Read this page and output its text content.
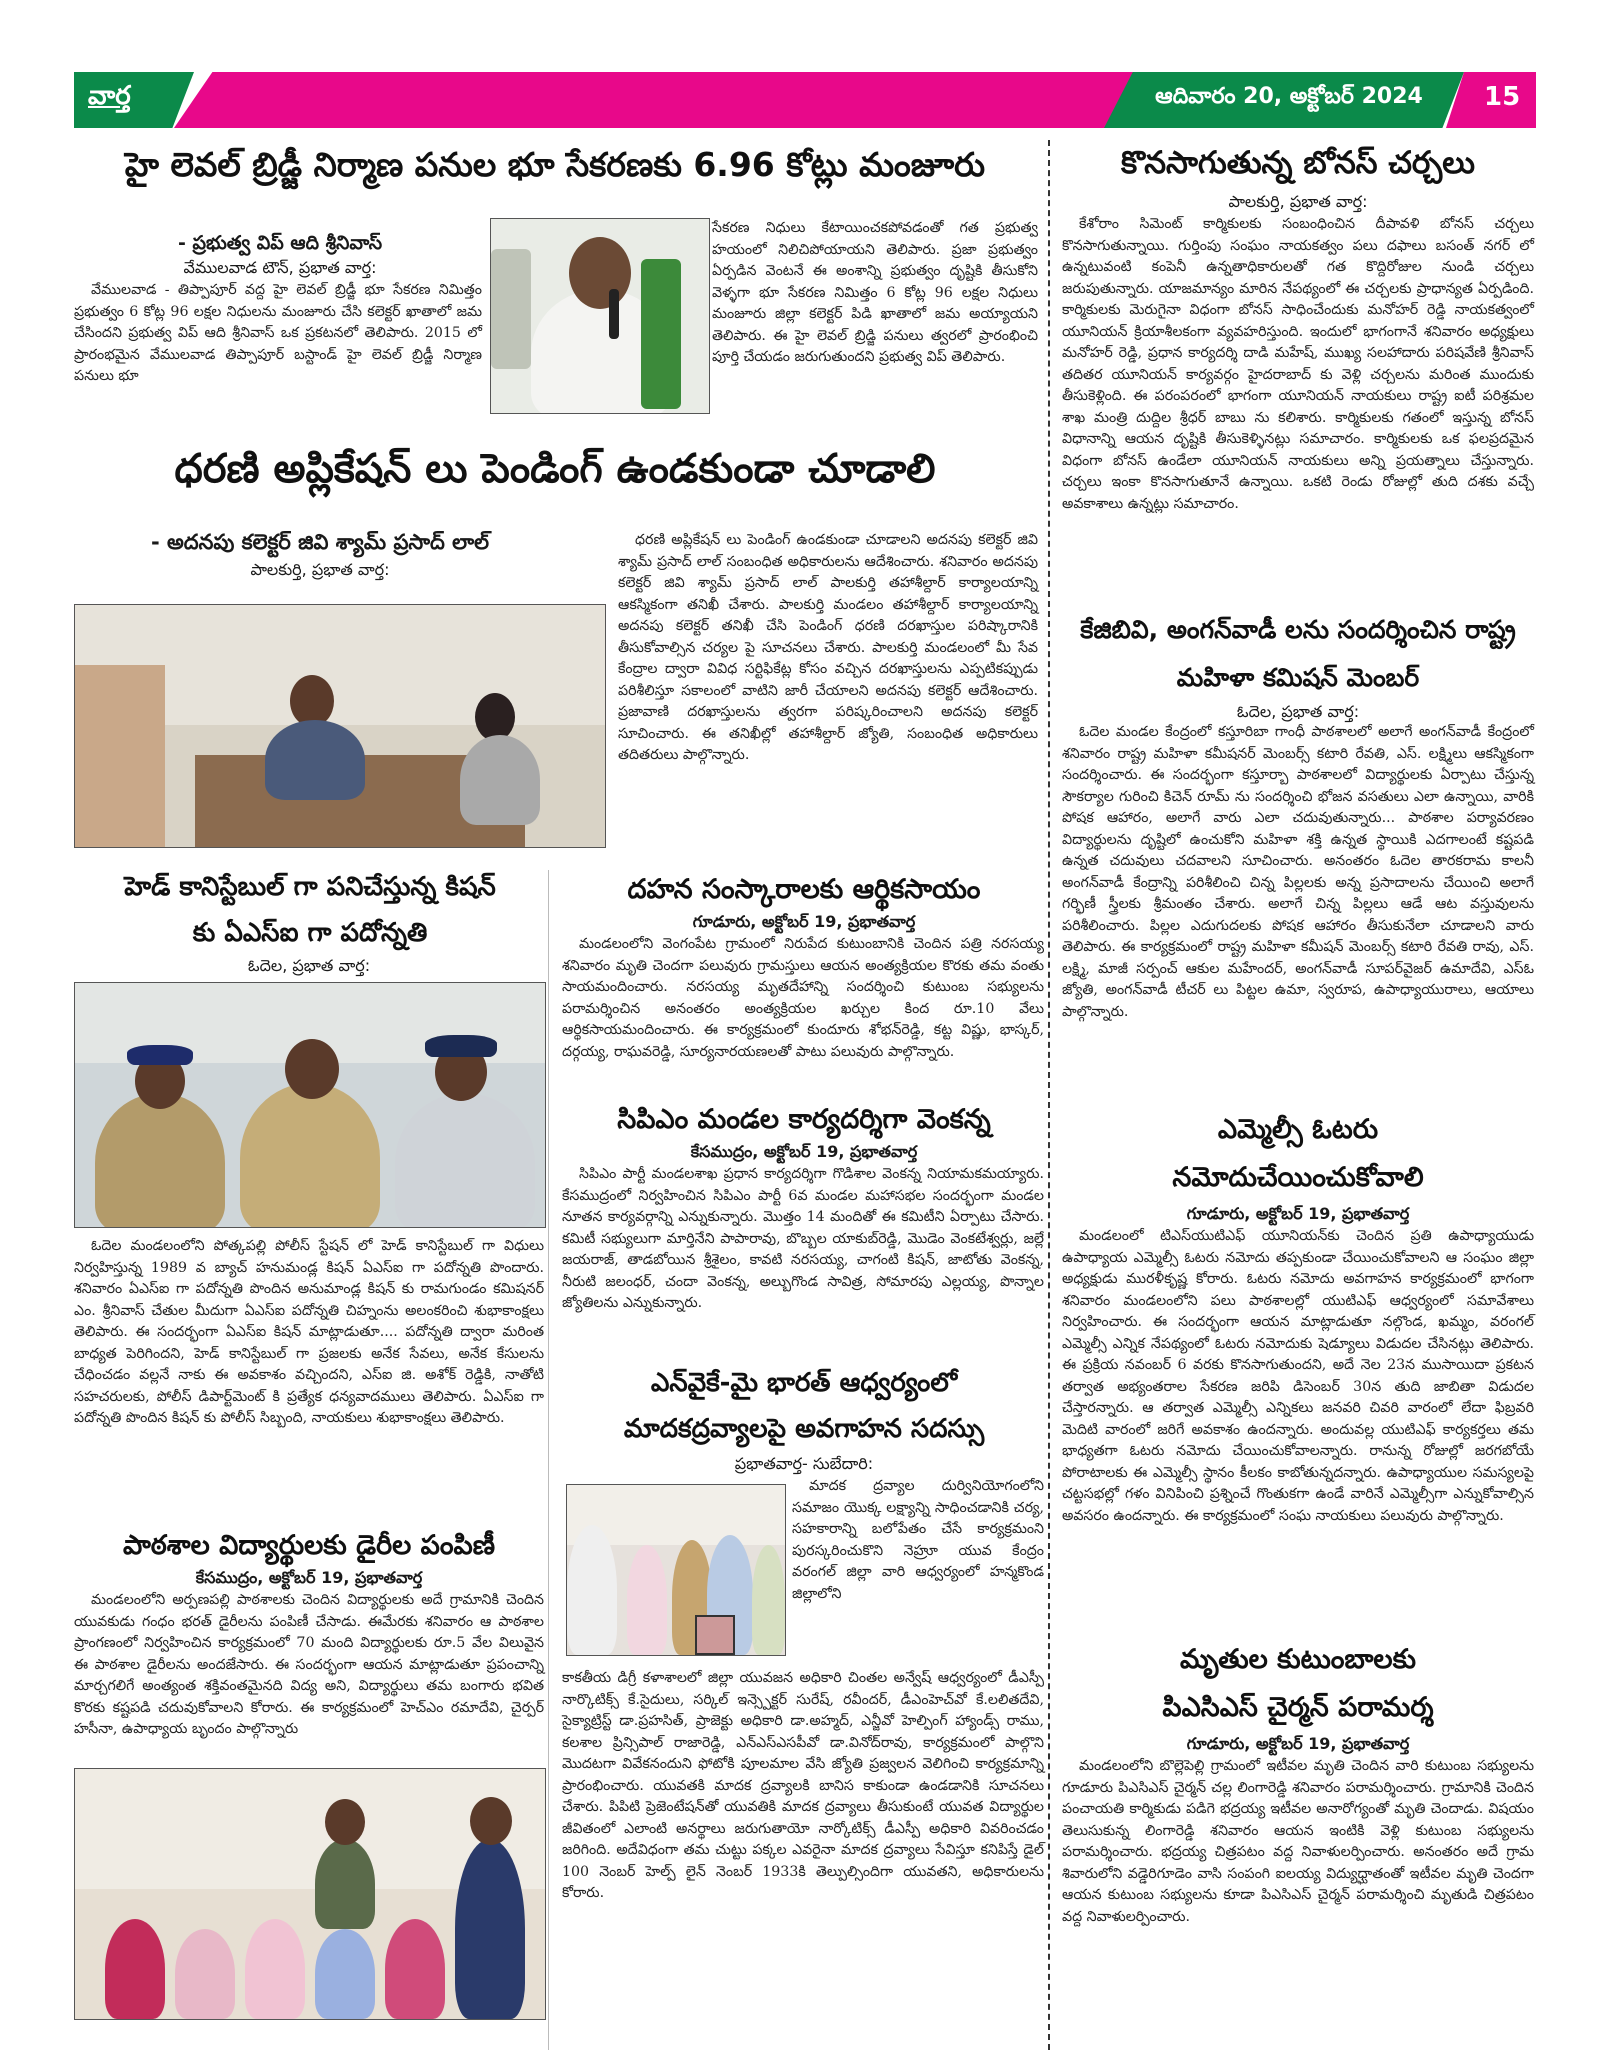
వార్త	ఆదివారం 20, అక్టోబర్ 2024	15
హై లెవల్ బ్రిడ్జీ నిర్మాణ పనుల భూ సేకరణకు 6.96 కోట్లు మంజూరు
- ప్రభుత్వ విప్ ఆది శ్రీనివాస్
వేములవాడ టౌన్, ప్రభాత వార్త:
వేములవాడ - తిప్పాపూర్ వద్ద హై లెవల్ బ్రిడ్జీ భూ సేకరణ నిమిత్తం ప్రభుత్వం 6 కోట్ల 96 లక్షల నిధులను మంజూరు చేసి కలెక్టర్ ఖాతాలో జమ చేసిందని ప్రభుత్వ విప్ ఆది శ్రీనివాస్ ఒక ప్రకటనలో తెలిపారు. 2015 లో ప్రారంభమైన వేములవాడ తిప్పాపూర్ బస్టాండ్ హై లెవల్ బ్రిడ్జీ నిర్మాణ పనులు భూ
సేకరణ నిధులు కేటాయించకపోవడంతో గత ప్రభుత్వ హయంలో నిలిచిపోయాయని తెలిపారు. ప్రజా ప్రభుత్వం ఏర్పడిన వెంటనే ఈ అంశాన్ని ప్రభుత్వం దృష్టికి తీసుకోని వెళ్ళగా భూ సేకరణ నిమిత్తం 6 కోట్ల 96 లక్షల నిధులు మంజూరు జిల్లా కలెక్టర్ పిడి ఖాతాలో జమ అయ్యాయని తెలిపారు. ఈ హై లెవల్ బ్రిడ్జి పనులు త్వరలో ప్రారంభించి పూర్తి చేయడం జరుగుతుందని ప్రభుత్వ విప్ తెలిపారు.
ధరణి అప్లికేషన్ లు పెండింగ్ ఉండకుండా చూడాలి
- అదనపు కలెక్టర్ జివి శ్యామ్ ప్రసాద్ లాల్
పాలకుర్తి, ప్రభాత వార్త:
ధరణి అప్లికేషన్ లు పెండింగ్ ఉండకుండా చూడాలని అదనపు కలెక్టర్ జివి శ్యామ్ ప్రసాద్ లాల్ సంబంధిత అధికారులను ఆదేశించారు. శనివారం అదనపు కలెక్టర్ జివి శ్యామ్ ప్రసాద్ లాల్ పాలకుర్తి తహాశీల్దార్ కార్యాలయాన్ని ఆకస్మికంగా తనిఖీ చేశారు. పాలకుర్తి మండలం తహాశీల్దార్ కార్యాలయాన్ని అదనపు కలెక్టర్ తనిఖీ చేసి పెండింగ్ ధరణి దరఖాస్తుల పరిష్కారానికి తీసుకోవాల్సిన చర్యల పై సూచనలు చేశారు. పాలకుర్తి మండలంలో మీ సేవ కేంద్రాల ద్వారా వివిధ సర్టిఫికేట్ల కోసం వచ్చిన దరఖాస్తులను ఎప్పటికప్పుడు పరిశీలిస్తూ సకాలంలో వాటిని జారీ చేయాలని అదనపు కలెక్టర్ ఆదేశించారు. ప్రజావాణి దరఖాస్తులను త్వరగా పరిష్కరించాలని అదనపు కలెక్టర్ సూచించారు. ఈ తనిఖీల్లో తహాశీల్దార్ జ్యోతి, సంబంధిత అధికారులు తదితరులు పాల్గొన్నారు.
కొనసాగుతున్న బోనస్ చర్చలు
పాలకుర్తి, ప్రభాత వార్త:
కేశోరాం సిమెంట్ కార్మికులకు సంబంధించిన దీపావళి బోనస్ చర్చలు కొనసాగుతున్నాయి. గుర్తింపు సంఘం నాయకత్వం పలు దఫాలు బసంత్ నగర్ లో ఉన్నటువంటి కంపెనీ ఉన్నతాధికారులతో గత కొద్దిరోజుల నుండి చర్చలు జరుపుతున్నారు. యాజమాన్యం మారిన నేపథ్యంలో ఈ చర్చలకు ప్రాధాన్యత ఏర్పడింది. కార్మికులకు మెరుగైనా విధంగా బోనస్ సాధించేందుకు మనోహర్ రెడ్డి నాయకత్వంలో యూనియన్ క్రియాశీలకంగా వ్యవహరిస్తుంది. ఇందులో భాగంగానే శనివారం అధ్యక్షులు మనోహర్ రెడ్డి, ప్రధాన కార్యదర్శి దాడి మహేష్, ముఖ్య సలహాదారు పరిషవేణి శ్రీనివాస్ తదితర యూనియన్ కార్యవర్గం హైదరాబాద్ కు వెళ్లి చర్చలను మరింత ముందుకు తీసుకెళ్లింది. ఈ పరంపరంలో భాగంగా యూనియన్ నాయకులు రాష్ట్ర ఐటీ పరిశ్రమల శాఖ మంత్రి దుద్దిల శ్రీధర్ బాబు ను కలిశారు. కార్మికులకు గతంలో ఇస్తున్న బోనస్ విధానాన్ని ఆయన దృష్టికి తీసుకెళ్ళినట్లు సమాచారం. కార్మికులకు ఒక ఫలప్రదమైన విధంగా బోనస్ ఉండేలా యూనియన్ నాయకులు అన్ని ప్రయత్నాలు చేస్తున్నారు. చర్చలు ఇంకా కొనసాగుతూనే ఉన్నాయి. ఒకటి రెండు రోజుల్లో తుది దశకు వచ్చే అవకాశాలు ఉన్నట్లు సమాచారం.
కేజిబివి, అంగన్‌వాడీ లను సందర్శించిన రాష్ట్ర మహిళా కమిషన్ మెంబర్
ఓదెల, ప్రభాత వార్త:
ఓదెల మండల కేంద్రంలో కస్తూరిబా గాంధీ పాఠశాలలో అలాగే అంగన్‌వాడీ కేంద్రంలో శనివారం రాష్ట్ర మహిళా కమీషనర్ మెంబర్స్ కటారి రేవతి, ఎస్. లక్ష్మిలు ఆకస్మికంగా సందర్శించారు. ఈ సందర్భంగా కస్తూర్బా పాఠశాలలో విద్యార్థులకు ఏర్పాటు చేస్తున్న సౌకర్యాల గురించి కిచెన్ రూమ్ ను సందర్శించి భోజన వసతులు ఎలా ఉన్నాయి, వారికి పోషక ఆహారం, అలాగే వారు ఎలా చదువుతున్నారు... పాఠశాల పర్యావరణం విద్యార్థులను దృష్టిలో ఉంచుకోని మహిళా శక్తి ఉన్నత స్థాయికి ఎదగాలంటే కష్టపడి ఉన్నత చదువులు చదవాలని సూచించారు. అనంతరం ఓదెల తారకరామ కాలనీ అంగన్‌వాడీ కేంద్రాన్ని పరిశీలించి చిన్న పిల్లలకు అన్న ప్రసాదాలను చేయించి అలాగే గర్భిణీ స్త్రీలకు శ్రీమంతం చేశారు. అలాగే చిన్న పిల్లలు ఆడే ఆట వస్తువులను పరిశీలించారు. పిల్లల ఎదుగుదలకు పోషక ఆహారం తీసుకునేలా చూడాలని వారు తెలిపారు. ఈ కార్యక్రమంలో రాష్ట్ర మహిళా కమీషన్ మెంబర్స్ కటారి రేవతి రావు, ఎస్. లక్ష్మి, మాజీ సర్పంచ్ ఆకుల మహేందర్, అంగన్‌వాడీ సూపర్‌వైజర్ ఉమాదేవి, ఎస్ఓ జ్యోతి, అంగన్‌వాడీ టీచర్ లు పిట్టల ఉమా, స్వరూప, ఉపాధ్యాయురాలు, ఆయాలు పాల్గొన్నారు.
హెడ్ కానిస్టేబుల్ గా పనిచేస్తున్న కిషన్ కు ఏఎస్ఐ గా పదోన్నతి
ఓదెల, ప్రభాత వార్త:
ఓదెల మండలంలోని పోత్కపల్లి పోలీస్ స్టేషన్ లో హెడ్ కానిస్టేబుల్ గా విధులు నిర్వహిస్తున్న 1989 వ బ్యాచ్ హనుమండ్ల కిషన్ ఏఎస్ఐ గా పదోన్నతి పొందారు. శనివారం ఏఎస్ఐ గా పదోన్నతి పొందిన అనుమాండ్ల కిషన్ కు రామగుండం కమిషనర్ ఎం. శ్రీనివాస్ చేతుల మీదుగా ఏఎస్ఐ పదోన్నతి చిహ్నంను అలంకరించి శుభాకాంక్షలు తెలిపారు. ఈ సందర్భంగా ఏఎస్ఐ కిషన్ మాట్లాడుతూ.... పదోన్నతి ద్వారా మరింత బాధ్యత పెరిగిందని, హెడ్ కానిస్టేబుల్ గా ప్రజలకు అనేక సేవలు, అనేక కేసులను చేధించడం వల్లనే నాకు ఈ అవకాశం వచ్చిందని, ఎస్ఐ జి. అశోక్ రెడ్డికి, నాతోటి సహచరులకు, పోలీస్ డిపార్ట్‌మెంట్ కి ప్రత్యేక ధన్యవాదములు తెలిపారు. ఏఎస్ఐ గా పదోన్నతి పొందిన కిషన్ కు పోలీస్ సిబ్బంది, నాయకులు శుభాకాంక్షలు తెలిపారు.
పాఠశాల విద్యార్థులకు డైరీల పంపిణీ
కేసముద్రం, అక్టోబర్ 19, ప్రభాతవార్త
మండలంలోని అర్పణపల్లి పాఠశాలకు చెందిన విద్యార్థులకు అదే గ్రామానికి చెందిన యువకుడు గంధం భరత్ డైరీలను పంపిణీ చేసాడు. ఈమేరకు శనివారం ఆ పాఠశాల ప్రాంగణంలో నిర్వహించిన కార్యక్రమంలో 70 మంది విద్యార్థులకు రూ.5 వేల విలువైన ఈ పాఠశాల డైరీలను అందజేసారు. ఈ సందర్భంగా ఆయన మాట్లాడుతూ ప్రపంచాన్ని మార్చగలిగే అంత్యంత శక్తివంతమైనది విద్య అని, విద్యార్థులు తమ బంగారు భవిత కొరకు కష్టపడి చదువుకోవాలని కోరారు. ఈ కార్యక్రమంలో హెచ్ఎం రమాదేవి, చైర్పర్ హసీనా, ఉపాధ్యాయ బృందం పాల్గొన్నారు
దహన సంస్కారాలకు ఆర్థికసాయం
గూడూరు, అక్టోబర్ 19, ప్రభాతవార్త
మండలంలోని వెంగంపేట గ్రామంలో నిరుపేద కుటుంబానికి చెందిన పత్రి నరసయ్య శనివారం మృతి చెందగా పలువురు గ్రామస్తులు ఆయన అంత్యక్రియల కొరకు తమ వంతు సాయమందించారు. నరసయ్య మృతదేహాన్ని సందర్శించి కుటుంబ సభ్యులను పరామర్శించిన అనంతరం అంత్యక్రియల ఖర్చుల కింద రూ.10 వేలు ఆర్థికసాయమందించారు. ఈ కార్యక్రమంలో కుందూరు శోభన్‌రెడ్డి, కట్ట విష్ణు, భాస్కర్, దర్గయ్య, రాఘవరెడ్డి, సూర్యనారయణలతో పాటు పలువురు పాల్గొన్నారు.
సిపిఎం మండల కార్యదర్శిగా వెంకన్న
కేసముద్రం, అక్టోబర్ 19, ప్రభాతవార్త
సిపిఎం పార్టీ మండలశాఖ ప్రధాన కార్యదర్శిగా గొడిశాల వెంకన్న నియామకమయ్యారు. కేసముద్రంలో నిర్వహించిన సిపిఎం పార్టీ 6వ మండల మహాసభల సందర్భంగా మండల నూతన కార్యవర్గాన్ని ఎన్నుకున్నారు. మొత్తం 14 మందితో ఈ కమిటీని ఏర్పాటు చేసారు. కమిటీ సభ్యులుగా మార్తినేని పాపారావు, బొబ్బల యాకుబ్‌రెడ్డి, మొడెం వెంకటేశ్వర్లు, జల్లే జయరాజ్, తాడబోయిన శ్రీశైలం, కావటి నరసయ్య, చాగంటి కిషన్, జాటోతు వెంకన్న, నీరుటి జలంధర్, చందా వెంకన్న, అల్బుగొండ సావిత్ర, సోమారపు ఎల్లయ్య, పొన్నాల జ్యోతిలను ఎన్నుకున్నారు.
ఎన్‌వైకే-మై భారత్ ఆధ్వర్యంలో మాదకద్రవ్యాలపై అవగాహన సదస్సు
ప్రభాతవార్త- సుబేదారి:
మాదక ద్రవ్యాల దుర్వినియోగంలోని సమాజం యొక్క లక్ష్యాన్ని సాధించడానికి చర్య, సహకారాన్ని బలోపేతం చేసే కార్యక్రమంని పురస్కరించుకొని నెహ్రూ యువ కేంద్రం వరంగల్ జిల్లా వారి ఆధ్వర్యంలో హన్మకొండ జిల్లాలోని
కాకతీయ డిగ్రీ కళాశాలలో జిల్లా యువజన అధికారి చింతల అన్వేష్ ఆధ్వర్యంలో డీఎస్పీ నార్కొటిక్స్ కే.సైదులు, సర్కిల్ ఇన్స్పెక్టర్ సురేష్, రవీందర్, డీఎంహెచ్‌వో కే.లలితదేవి, సైక్యాట్రిస్ట్ డా.ప్రహసిత్, ప్రాజెక్టు అధికారి డా.అహ్మద్, ఎన్జీవో హెల్పింగ్ హ్యాండ్స్ రాము, కలశాల ప్రిన్సిపాల్ రాజారెడ్డి, ఎన్ఎస్ఎసపీవో డా.వినోద్‌రావు, కార్యక్రమంలో పాల్గొని మొదటగా వివేకనందుని ఫోటోకి పూలమాల వేసి జ్యోతి ప్రజ్వలన వెలిగించి కార్యక్రమాన్ని ప్రారంభించారు. యువతకి మాదక ద్రవ్యాలకి బానిస కాకుండా ఉండడానికి సూచనలు చేశారు. పిపిటి ప్రెజెంటేషన్‌తో యువతికి మాదక ద్రవ్యాలు తీసుకుంటే యువత విద్యార్థుల జీవితంలో ఎలాంటి అనర్థాలు జరుగుతాయో నార్కోటిక్స్ డీఎస్పీ అధికారి వివరించడం జరిగింది. అదేవిధంగా తమ చుట్టు పక్కల ఎవరైనా మాదక ద్రవ్యాలు సేవిస్తూ కనిపిస్తే డైల్ 100 నెంబర్ హెల్ప్ లైన్ నెంబర్ 1933కి తెల్పుల్సిందిగా యువతని, అధికారులను కోరారు.
ఎమ్మెల్సీ ఓటరు నమోదుచేయించుకోవాలి
గూడూరు, అక్టోబర్ 19, ప్రభాతవార్త
మండలంలో టిఎస్‌యుటిఎఫ్ యూనియన్‌కు చెందిన ప్రతి ఉపాధ్యాయుడు ఉపాధ్యాయ ఎమ్మెల్సీ ఓటరు నమోదు తప్పకుండా చేయించుకోవాలని ఆ సంఘం జిల్లా అధ్యక్షుడు మురళీకృష్ణ కోరారు. ఓటరు నమోదు అవగాహన కార్యక్రమంలో భాగంగా శనివారం మండలంలోని పలు పాఠశాలల్లో యుటిఎఫ్ ఆధ్వర్యంలో సమావేశాలు నిర్వహించారు. ఈ సందర్భంగా ఆయన మాట్లాడుతూ నల్గొండ, ఖమ్మం, వరంగల్ ఎమ్మెల్సీ ఎన్నిక నేపథ్యంలో ఓటరు నమోదుకు షెడ్యూలు విడుదల చేసినట్లు తెలిపారు. ఈ ప్రక్రియ నవంబర్ 6 వరకు కొనసాగుతుందని, అదే నెల 23న ముసాయిదా ప్రకటన తర్వాత అభ్యంతరాల సేకరణ జరిపి డిసెంబర్ 30న తుది జాబితా విడుదల చేస్తారన్నారు. ఆ తర్వాత ఎమ్మెల్సీ ఎన్నికలు జనవరి చివరి వారంలో లేదా ఫిబ్రవరి మెదిటి వారంలో జరిగే అవకాశం ఉందన్నారు. అందువల్ల యుటిఎఫ్ కార్యకర్తలు తమ భాధ్యతగా ఓటరు నమోదు చేయించుకోవాలన్నారు. రానున్న రోజుల్లో జరగబోయే పోరాటాలకు ఈ ఎమ్మెల్సీ స్థానం కీలకం కాబోతున్నదన్నారు. ఉపాధ్యాయుల సమస్యలపై చట్టసభల్లో గళం వినిపించి ప్రశ్నించే గొంతుకగా ఉండే వారినే ఎమ్మెల్సీగా ఎన్నుకోవాల్సిన అవసరం ఉందన్నారు. ఈ కార్యక్రమంలో సంఘ నాయకులు పలువురు పాల్గొన్నారు.
మృతుల కుటుంబాలకు పిఎసిఎస్ చైర్మన్ పరామర్శ
గూడూరు, అక్టోబర్ 19, ప్రభాతవార్త
మండలంలోని బొల్లెపెల్లి గ్రామంలో ఇటీవల మృతి చెందిన వారి కుటుంబ సభ్యులను గూడూరు పిఎసిఎస్ చైర్మన్ చల్ల లింగారెడ్డి శనివారం పరామర్శించారు. గ్రామానికి చెందిన పంచాయతి కార్మికుడు పడిగె భద్రయ్య ఇటీవల అనారోగ్యంతో మృతి చెందాడు. విషయం తెలుసుకున్న లింగారెడ్డి శనివారం ఆయన ఇంటికి వెళ్లి కుటుంబ సభ్యులను పరామర్శించారు. భద్రయ్య చిత్రపటం వద్ద నివాళులర్పించారు. అనంతరం అదే గ్రామ శివారులోని వడ్డెరిగూడెం వాసి సంపంగి ఐలయ్య విద్యుధ్ఘాతంతో ఇటీవల మృతి చెందగా ఆయన కుటుంబ సభ్యులను కూడా పిఎసిఎస్ చైర్మన్ పరామర్శించి మృతుడి చిత్రపటం వద్ద నివాళులర్పించారు.
